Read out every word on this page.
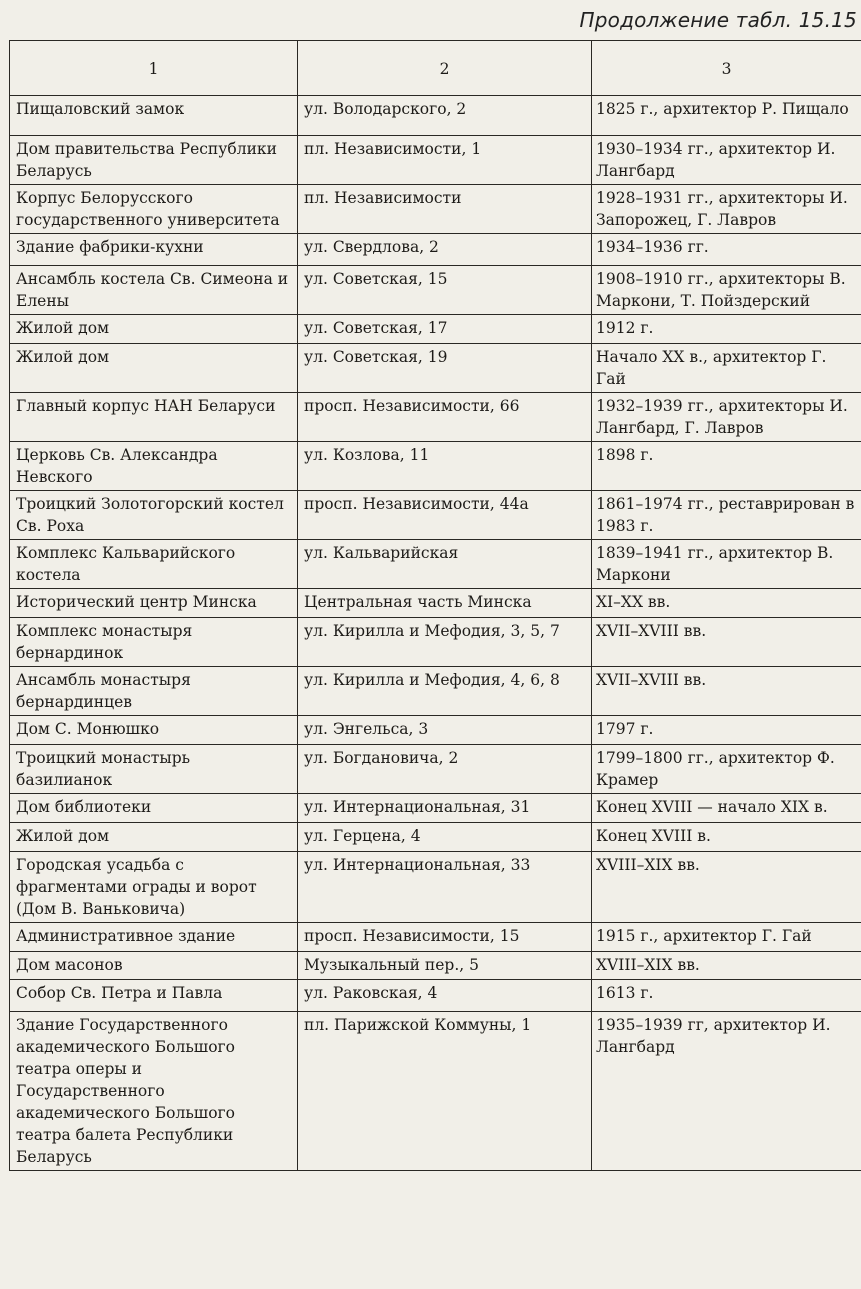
Продолжение табл. 15.15
1	2	3
Пищаловский замок	ул. Володарского, 2	1825 г., архитектор Р. Пищало
Дом правительства Республики Беларусь	пл. Независимости, 1	1930–1934 гг., архитектор И. Лангбард
Корпус Белорусского государственного университета	пл. Независимости	1928–1931 гг., архитекторы И. Запорожец, Г. Лавров
Здание фабрики-кухни	ул. Свердлова, 2	1934–1936 гг.
Ансамбль костела Св. Симеона и Елены	ул. Советская, 15	1908–1910 гг., архитекторы В. Маркони, Т. Пойздерский
Жилой дом	ул. Советская, 17	1912 г.
Жилой дом	ул. Советская, 19	Начало XX в., архитектор Г. Гай
Главный корпус НАН Беларуси	просп. Независимости, 66	1932–1939 гг., архитекторы И. Лангбард, Г. Лавров
Церковь Св. Александра Невского	ул. Козлова, 11	1898 г.
Троицкий Золотогорский костел Св. Роха	просп. Независимости, 44а	1861–1974 гг., реставрирован в 1983 г.
Комплекс Кальварийского костела	ул. Кальварийская	1839–1941 гг., архитектор В. Маркони
Исторический центр Минска	Центральная часть Минска	XI–XX вв.
Комплекс монастыря бернардинок	ул. Кирилла и Мефодия, 3, 5, 7	XVII–XVIII вв.
Ансамбль монастыря бернардинцев	ул. Кирилла и Мефодия, 4, 6, 8	XVII–XVIII вв.
Дом С. Монюшко	ул. Энгельса, 3	1797 г.
Троицкий монастырь базилианок	ул. Богдановича, 2	1799–1800 гг., архитектор Ф. Крамер
Дом библиотеки	ул. Интернациональная, 31	Конец XVIII — начало XIX в.
Жилой дом	ул. Герцена, 4	Конец XVIII в.
Городская усадьба с фрагментами ограды и ворот (Дом В. Ваньковича)	ул. Интернациональная, 33	XVIII–XIX вв.
Административное здание	просп. Независимости, 15	1915 г., архитектор Г. Гай
Дом масонов	Музыкальный пер., 5	XVIII–XIX вв.
Собор Св. Петра и Павла	ул. Раковская, 4	1613 г.
Здание Государственного академического Большого театра оперы и Государственного академического Большого театра балета Республики Беларусь	пл. Парижской Коммуны, 1	1935–1939 гг, архитектор И. Лангбард
